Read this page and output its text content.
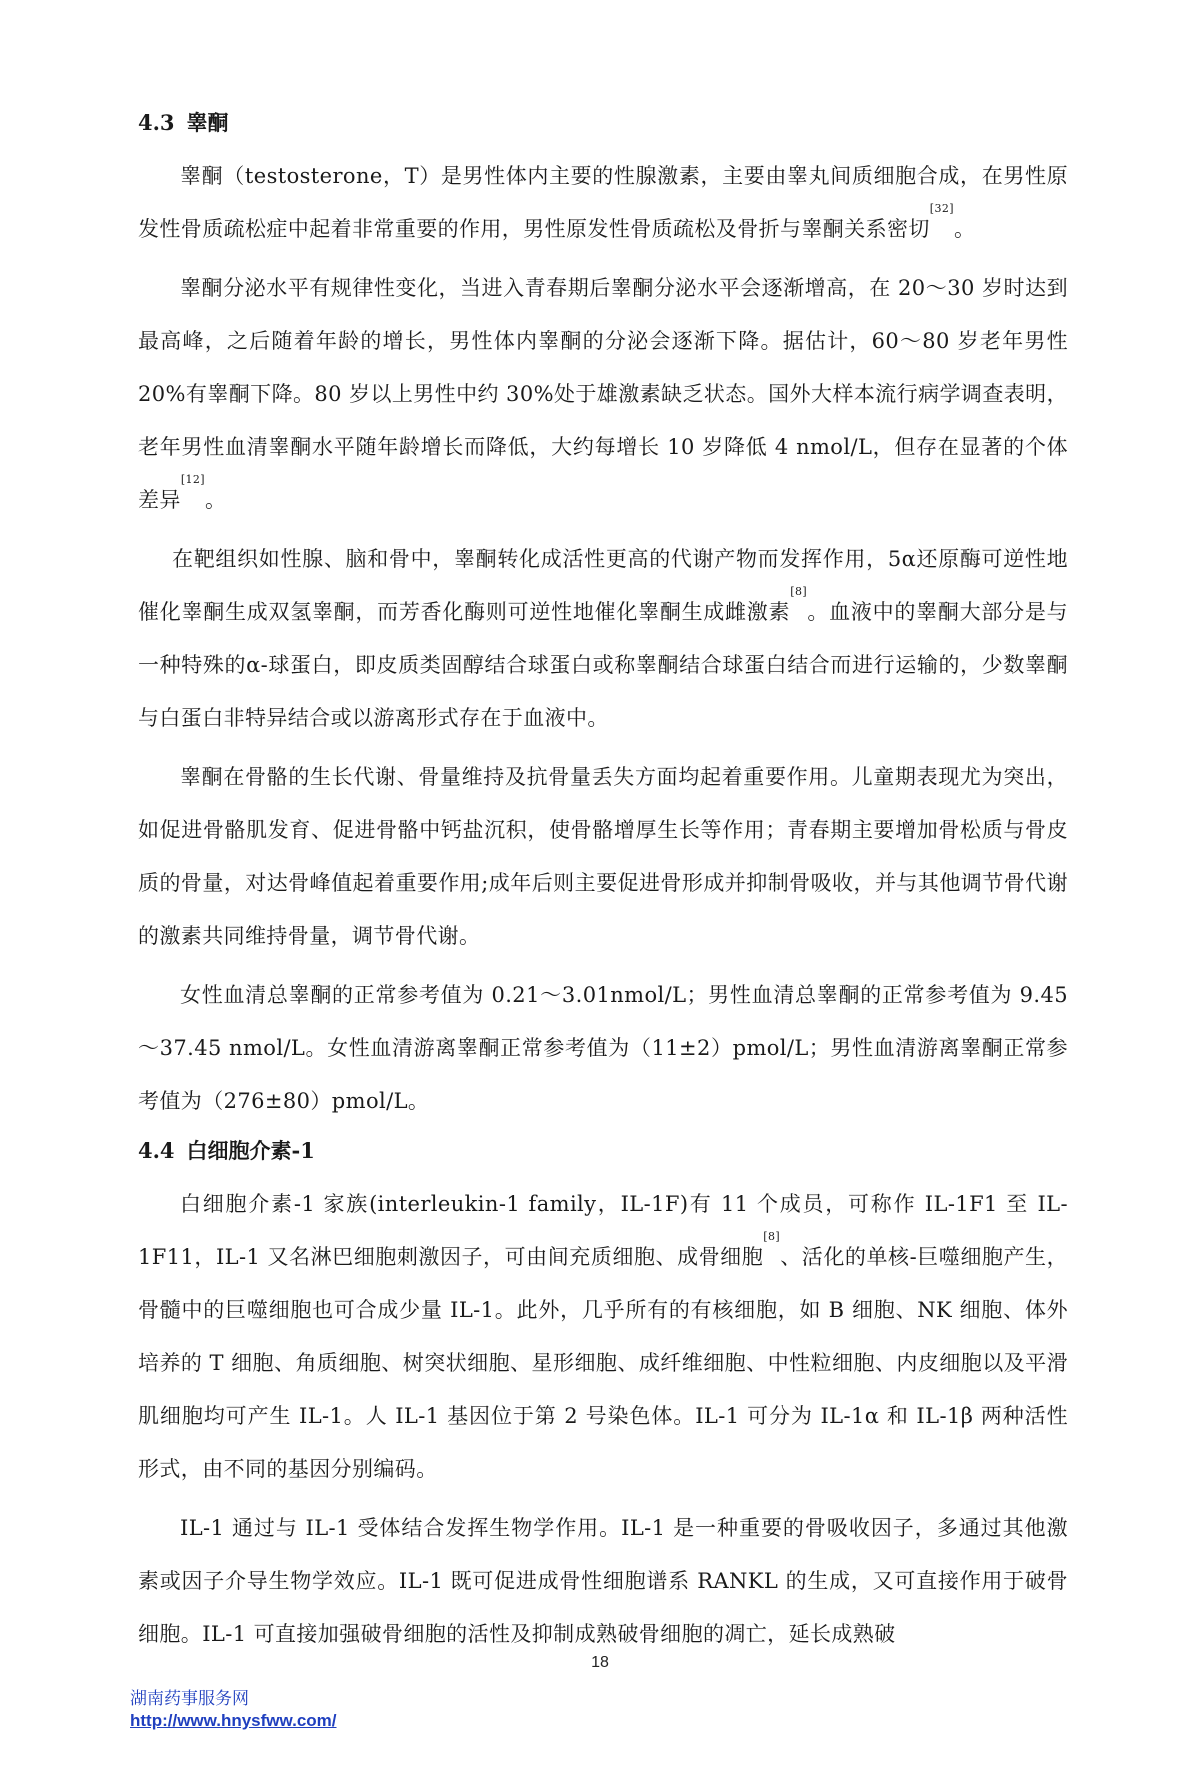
4.3 睾酮

睾酮（testosterone，T）是男性体内主要的性腺激素，主要由睾丸间质细胞合成，在男性原发性骨质疏松症中起着非常重要的作用，男性原发性骨质疏松及骨折与睾酮关系密切[32]。

睾酮分泌水平有规律性变化，当进入青春期后睾酮分泌水平会逐渐增高，在 20～30 岁时达到最高峰，之后随着年龄的增长，男性体内睾酮的分泌会逐渐下降。据估计，60～80 岁老年男性 20%有睾酮下降。80 岁以上男性中约 30%处于雄激素缺乏状态。国外大样本流行病学调查表明，老年男性血清睾酮水平随年龄增长而降低，大约每增长 10 岁降低 4 nmol/L，但存在显著的个体差异[12]。

在靶组织如性腺、脑和骨中，睾酮转化成活性更高的代谢产物而发挥作用，5α还原酶可逆性地催化睾酮生成双氢睾酮，而芳香化酶则可逆性地催化睾酮生成雌激素[8]。血液中的睾酮大部分是与一种特殊的α-球蛋白，即皮质类固醇结合球蛋白或称睾酮结合球蛋白结合而进行运输的，少数睾酮与白蛋白非特异结合或以游离形式存在于血液中。

睾酮在骨骼的生长代谢、骨量维持及抗骨量丢失方面均起着重要作用。儿童期表现尤为突出，如促进骨骼肌发育、促进骨骼中钙盐沉积，使骨骼增厚生长等作用；青春期主要增加骨松质与骨皮质的骨量，对达骨峰值起着重要作用;成年后则主要促进骨形成并抑制骨吸收，并与其他调节骨代谢的激素共同维持骨量，调节骨代谢。

女性血清总睾酮的正常参考值为 0.21～3.01nmol/L；男性血清总睾酮的正常参考值为 9.45～37.45 nmol/L。女性血清游离睾酮正常参考值为（11±2）pmol/L；男性血清游离睾酮正常参考值为（276±80）pmol/L。

4.4 白细胞介素-1

白细胞介素-1 家族(interleukin-1 family，IL-1F)有 11 个成员，可称作 IL-1F1 至 IL-1F11，IL-1 又名淋巴细胞刺激因子，可由间充质细胞、成骨细胞[8]、活化的单核-巨噬细胞产生，骨髓中的巨噬细胞也可合成少量 IL-1。此外，几乎所有的有核细胞，如 B 细胞、NK 细胞、体外培养的 T 细胞、角质细胞、树突状细胞、星形细胞、成纤维细胞、中性粒细胞、内皮细胞以及平滑肌细胞均可产生 IL-1。人 IL-1 基因位于第 2 号染色体。IL-1 可分为 IL-1α 和 IL-1β 两种活性形式，由不同的基因分别编码。

IL-1 通过与 IL-1 受体结合发挥生物学作用。IL-1 是一种重要的骨吸收因子，多通过其他激素或因子介导生物学效应。IL-1 既可促进成骨性细胞谱系 RANKL 的生成，又可直接作用于破骨细胞。IL-1 可直接加强破骨细胞的活性及抑制成熟破骨细胞的凋亡，延长成熟破

18
湖南药事服务网
http://www.hnysfww.com/
